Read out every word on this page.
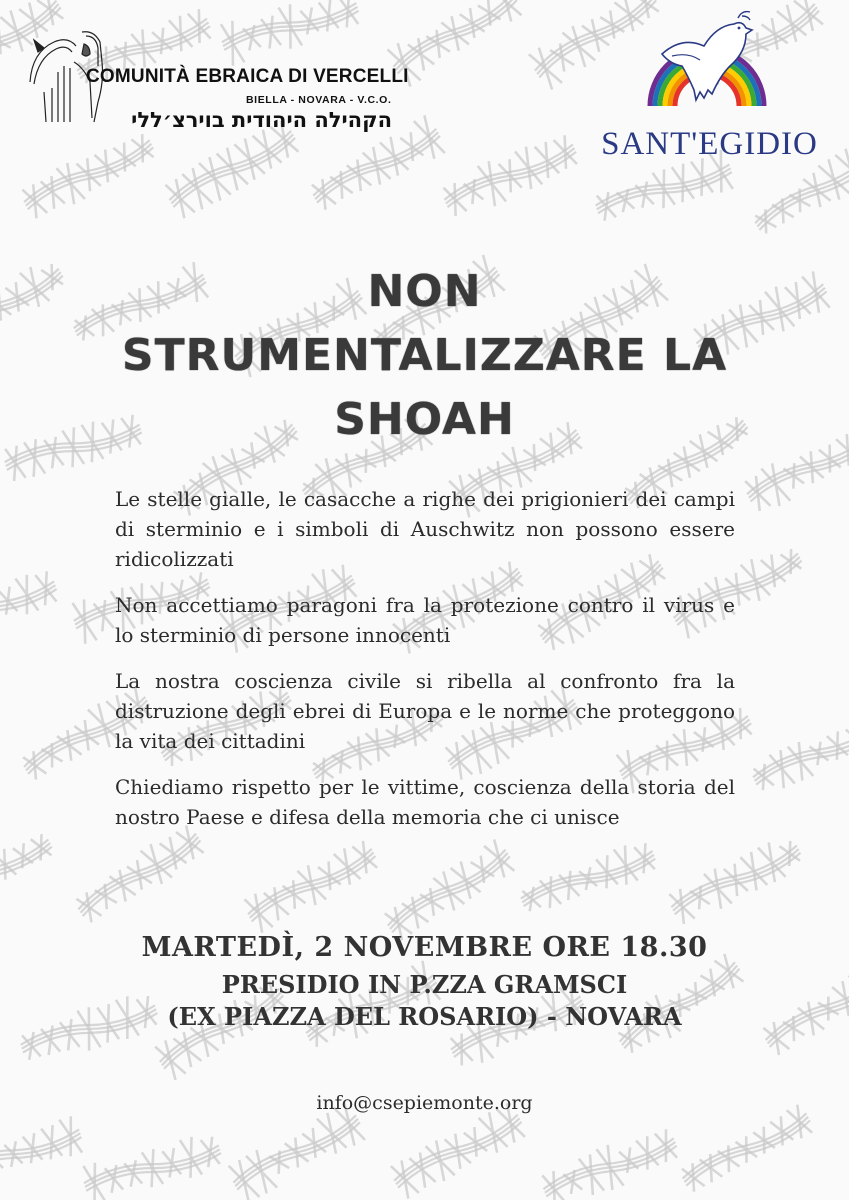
COMUNITÀ EBRAICA DI VERCELLI
BIELLA - NOVARA - V.C.O.
הקהילה היהודית בוירצ׳ללי
SANT'EGIDIO
NON
STRUMENTALIZZARE LA
SHOAH

Le stelle gialle, le casacche a righe dei prigionieri dei campi di sterminio e i simboli di Auschwitz non possono essere ridicolizzati

Non accettiamo paragoni fra la protezione contro il virus e lo sterminio di persone innocenti

La nostra coscienza civile si ribella al confronto fra la distruzione degli ebrei di Europa e le norme che proteggono la vita dei cittadini

Chiediamo rispetto per le vittime, coscienza della storia del nostro Paese e difesa della memoria che ci unisce

MARTEDÌ, 2 NOVEMBRE ORE 18.30
PRESIDIO IN P.ZZA GRAMSCI
(EX PIAZZA DEL ROSARIO) - NOVARA
info@csepiemonte.org
